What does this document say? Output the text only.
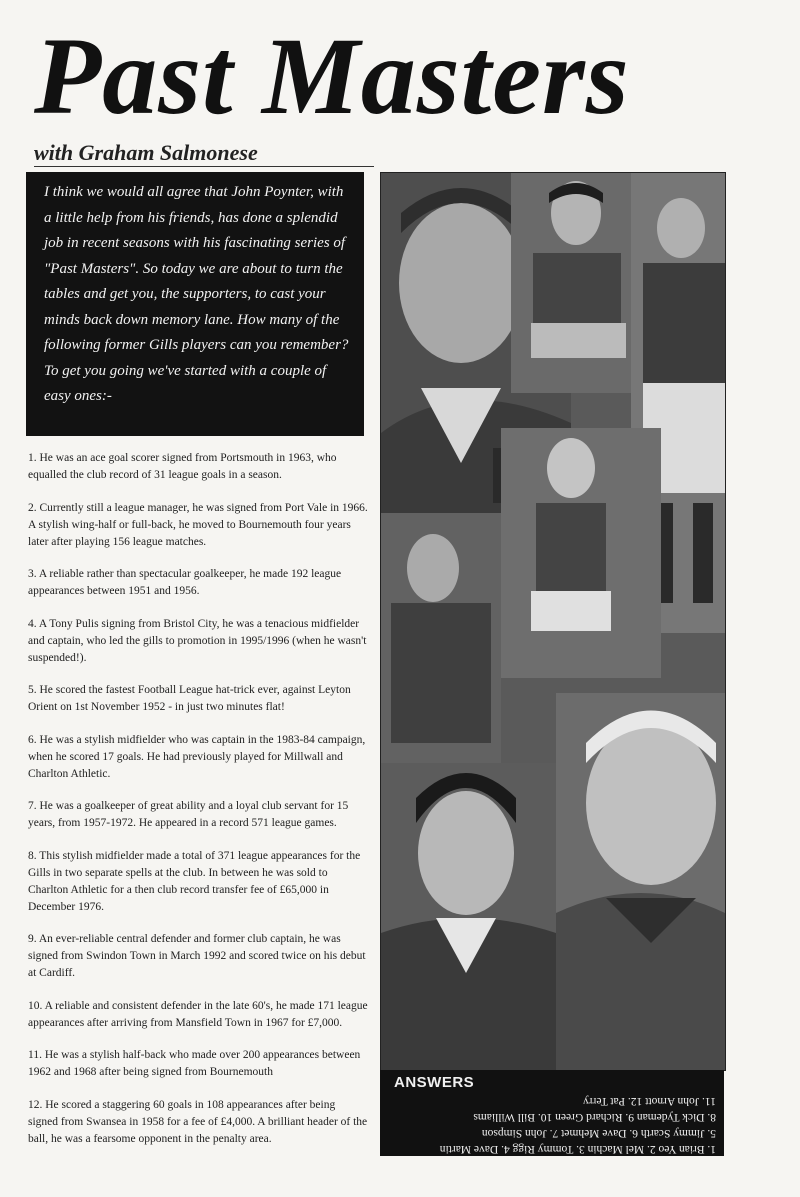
Past Masters
with Graham Salmonese
I think we would all agree that John Poynter, with a little help from his friends, has done a splendid job in recent seasons with his fascinating series of "Past Masters". So today we are about to turn the tables and get you, the supporters, to cast your minds back down memory lane. How many of the following former Gills players can you remember? To get you going we've started with a couple of easy ones:-

1. He was an ace goal scorer signed from Portsmouth in 1963, who equalled the club record of 31 league goals in a season.

2. Currently still a league manager, he was signed from Port Vale in 1966. A stylish wing-half or full-back, he moved to Bournemouth four years later after playing 156 league matches.

3. A reliable rather than spectacular goalkeeper, he made 192 league appearances between 1951 and 1956.

4. A Tony Pulis signing from Bristol City, he was a tenacious midfielder and captain, who led the gills to promotion in 1995/1996 (when he wasn't suspended!).

5. He scored the fastest Football League hat-trick ever, against Leyton Orient on 1st November 1952 - in just two minutes flat!

6. He was a stylish midfielder who was captain in the 1983-84 campaign, when he scored 17 goals. He had previously played for Millwall and Charlton Athletic.

7. He was a goalkeeper of great ability and a loyal club servant for 15 years, from 1957-1972. He appeared in a record 571 league games.

8. This stylish midfielder made a total of 371 league appearances for the Gills in two separate spells at the club. In between he was sold to Charlton Athletic for a then club record transfer fee of £65,000 in December 1976.

9. An ever-reliable central defender and former club captain, he was signed from Swindon Town in March 1992 and scored twice on his debut at Cardiff.

10. A reliable and consistent defender in the late 60's, he made 171 league appearances after arriving from Mansfield Town in 1967 for £7,000.

11. He was a stylish half-back who made over 200 appearances between 1962 and 1968 after being signed from Bournemouth

12. He scored a staggering 60 goals in 108 appearances after being signed from Swansea in 1958 for a fee of £4,000. A brilliant header of the ball, he was a fearsome opponent in the penalty area.

ANSWERS
1. Brian Yeo 2. Mel Machin 3. Tommy Rigg 4. Dave Martin
5. Jimmy Scarth 6. Dave Mehmet 7. John Simpson
8. Dick Tydeman 9. Richard Green 10. Bill Williams
11. John Arnott 12. Pat Terry
